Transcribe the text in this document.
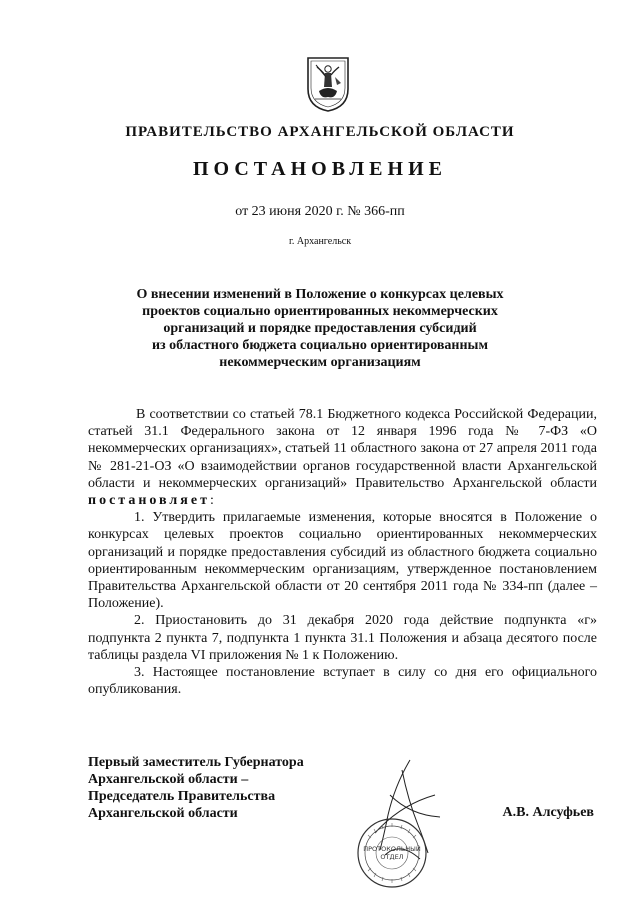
ПРАВИТЕЛЬСТВО АРХАНГЕЛЬСКОЙ ОБЛАСТИ
ПОСТАНОВЛЕНИЕ
от 23 июня 2020 г. № 366-пп
г. Архангельск
О внесении изменений в Положение о конкурсах целевых
проектов социально ориентированных некоммерческих
организаций и порядке предоставления субсидий
из областного бюджета социально ориентированным
некоммерческим организациям

В соответствии со статьей 78.1 Бюджетного кодекса Российской Федерации, статьей 31.1 Федерального закона от 12 января 1996 года № 7-ФЗ «О некоммерческих организациях», статьей 11 областного закона от 27 апреля 2011 года № 281-21-ОЗ «О взаимодействии органов государственной власти Архангельской области и некоммерческих организаций» Правительство Архангельской области постановляет:

1. Утвердить прилагаемые изменения, которые вносятся в Положение о конкурсах целевых проектов социально ориентированных некоммерческих организаций и порядке предоставления субсидий из областного бюджета социально ориентированным некоммерческим организациям, утвержденное постановлением Правительства Архангельской области от 20 сентября 2011 года № 334-пп (далее – Положение).

2. Приостановить до 31 декабря 2020 года действие подпункта «г» подпункта 2 пункта 7, подпункта 1 пункта 31.1 Положения и абзаца десятого после таблицы раздела VI приложения № 1 к Положению.

3. Настоящее постановление вступает в силу со дня его официального опубликования.

Первый заместитель Губернатора
Архангельской области –
Председатель Правительства
Архангельской области
ПРОТОКОЛЬНЫЙ
ОТДЕЛ
А.В. Алсуфьев
